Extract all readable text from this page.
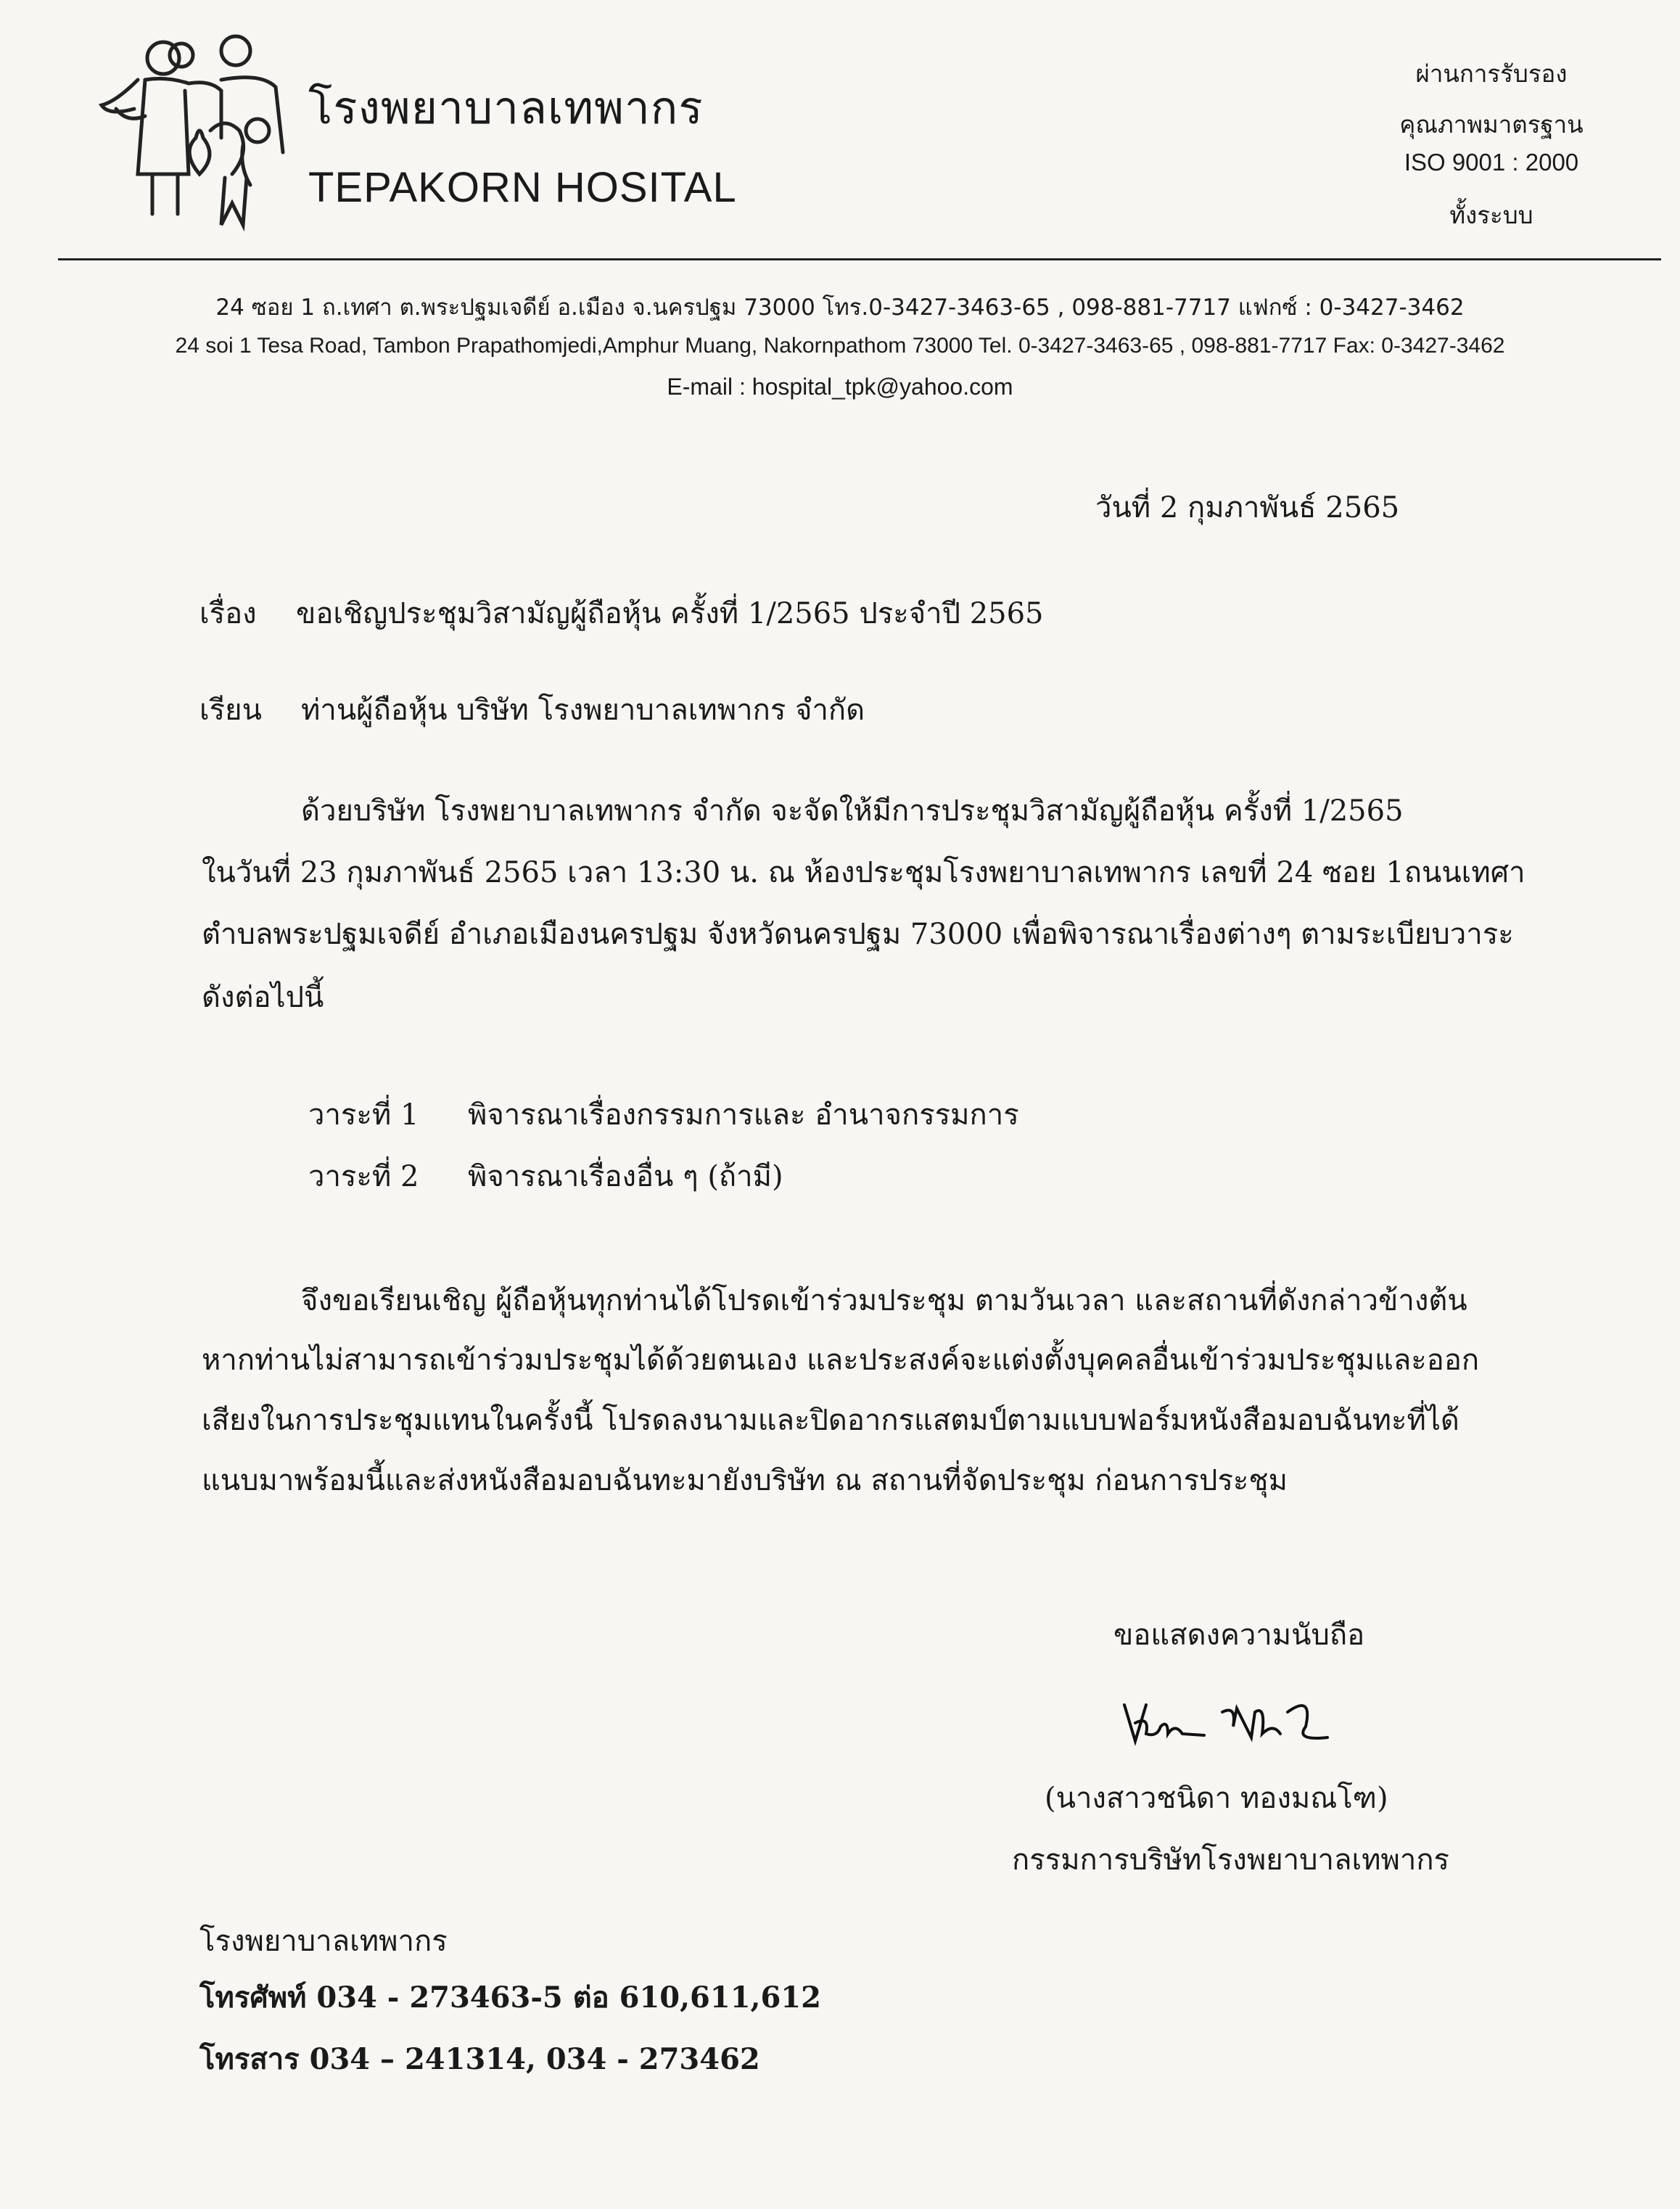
โรงพยาบาลเทพากร
TEPAKORN HOSITAL
ผ่านการรับรอง
คุณภาพมาตรฐาน
ISO 9001 : 2000
ทั้งระบบ
24 ซอย 1 ถ.เทศา ต.พระปฐมเจดีย์ อ.เมือง จ.นครปฐม 73000 โทร.0-3427-3463-65 , 098-881-7717 แฟกซ์ : 0-3427-3462
24 soi 1 Tesa Road, Tambon Prapathomjedi,Amphur Muang, Nakornpathom 73000 Tel. 0-3427-3463-65 , 098-881-7717 Fax: 0-3427-3462
E-mail : hospital_tpk@yahoo.com
วันที่ 2 กุมภาพันธ์ 2565
เรื่อง ขอเชิญประชุมวิสามัญผู้ถือหุ้น ครั้งที่ 1/2565 ประจำปี 2565
เรียน ท่านผู้ถือหุ้น บริษัท โรงพยาบาลเทพากร จำกัด
ด้วยบริษัท โรงพยาบาลเทพากร จำกัด จะจัดให้มีการประชุมวิสามัญผู้ถือหุ้น ครั้งที่ 1/2565
ในวันที่ 23 กุมภาพันธ์ 2565 เวลา 13:30 น. ณ ห้องประชุมโรงพยาบาลเทพากร เลขที่ 24 ซอย 1ถนนเทศา
ตำบลพระปฐมเจดีย์ อำเภอเมืองนครปฐม จังหวัดนครปฐม 73000 เพื่อพิจารณาเรื่องต่างๆ ตามระเบียบวาระ
ดังต่อไปนี้
วาระที่ 1 พิจารณาเรื่องกรรมการและ อำนาจกรรมการ
วาระที่ 2 พิจารณาเรื่องอื่น ๆ (ถ้ามี)
จึงขอเรียนเชิญ ผู้ถือหุ้นทุกท่านได้โปรดเข้าร่วมประชุม ตามวันเวลา และสถานที่ดังกล่าวข้างต้น
หากท่านไม่สามารถเข้าร่วมประชุมได้ด้วยตนเอง และประสงค์จะแต่งตั้งบุคคลอื่นเข้าร่วมประชุมและออก
เสียงในการประชุมแทนในครั้งนี้ โปรดลงนามและปิดอากรแสตมป์ตามแบบฟอร์มหนังสือมอบฉันทะที่ได้
แนบมาพร้อมนี้และส่งหนังสือมอบฉันทะมายังบริษัท ณ สถานที่จัดประชุม ก่อนการประชุม
ขอแสดงความนับถือ
(นางสาวชนิดา ทองมณโฑ)
กรรมการบริษัทโรงพยาบาลเทพากร
โรงพยาบาลเทพากร
โทรศัพท์ 034 - 273463-5 ต่อ 610,611,612
โทรสาร 034 – 241314, 034 - 273462
